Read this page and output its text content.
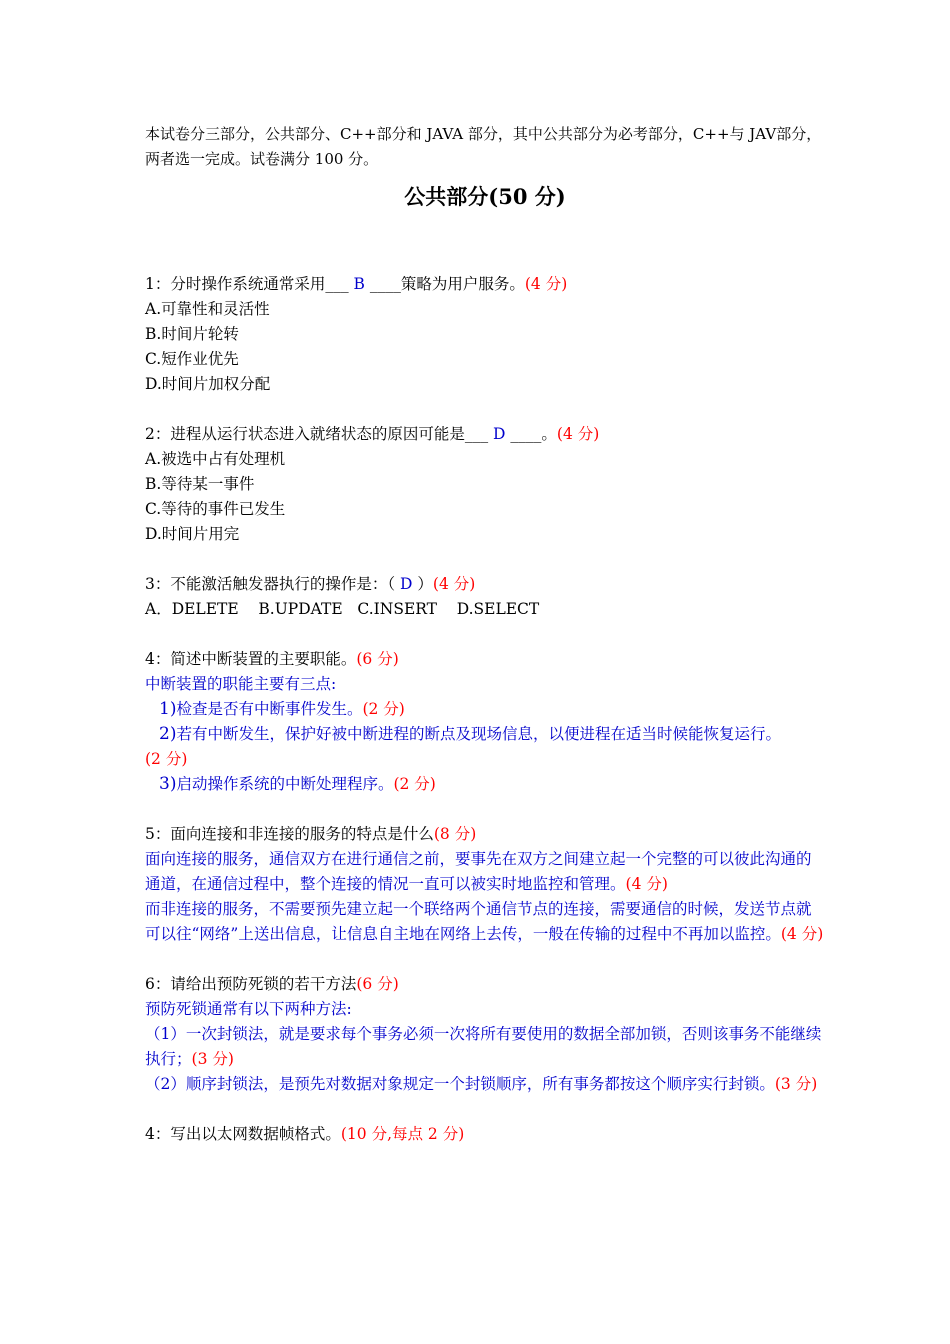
本试卷分三部分，公共部分、C++部分和 JAVA 部分，其中公共部分为必考部分，C++与 JAV部分，两者选一完成。试卷满分 100 分。
公共部分(50 分)
1：分时操作系统通常采用___ B ____策略为用户服务。(4 分)
A.可靠性和灵活性
B.时间片轮转
C.短作业优先
D.时间片加权分配
2：进程从运行状态进入就绪状态的原因可能是___ D ____。(4 分)
A.被选中占有处理机
B.等待某一事件
C.等待的事件已发生
D.时间片用完
3：不能激活触发器执行的操作是：（ D ）(4 分)
A．DELETE    B.UPDATE   C.INSERT    D.SELECT
4：简述中断装置的主要职能。(6 分)
中断装置的职能主要有三点:
1)检查是否有中断事件发生。(2 分)
2)若有中断发生，保护好被中断进程的断点及现场信息，以便进程在适当时候能恢复运行。
(2 分)
3)启动操作系统的中断处理程序。(2 分)
5：面向连接和非连接的服务的特点是什么(8 分)
面向连接的服务，通信双方在进行通信之前，要事先在双方之间建立起一个完整的可以彼此沟通的通道，在通信过程中，整个连接的情况一直可以被实时地监控和管理。(4 分)
而非连接的服务，不需要预先建立起一个联络两个通信节点的连接，需要通信的时候，发送节点就可以往“网络”上送出信息，让信息自主地在网络上去传，一般在传输的过程中不再加以监控。(4 分)
6：请给出预防死锁的若干方法(6 分)
预防死锁通常有以下两种方法:
（1）一次封锁法，就是要求每个事务必须一次将所有要使用的数据全部加锁，否则该事务不能继续执行；(3 分)
（2）顺序封锁法，是预先对数据对象规定一个封锁顺序，所有事务都按这个顺序实行封锁。(3 分)
4：写出以太网数据帧格式。(10 分,每点 2 分)
